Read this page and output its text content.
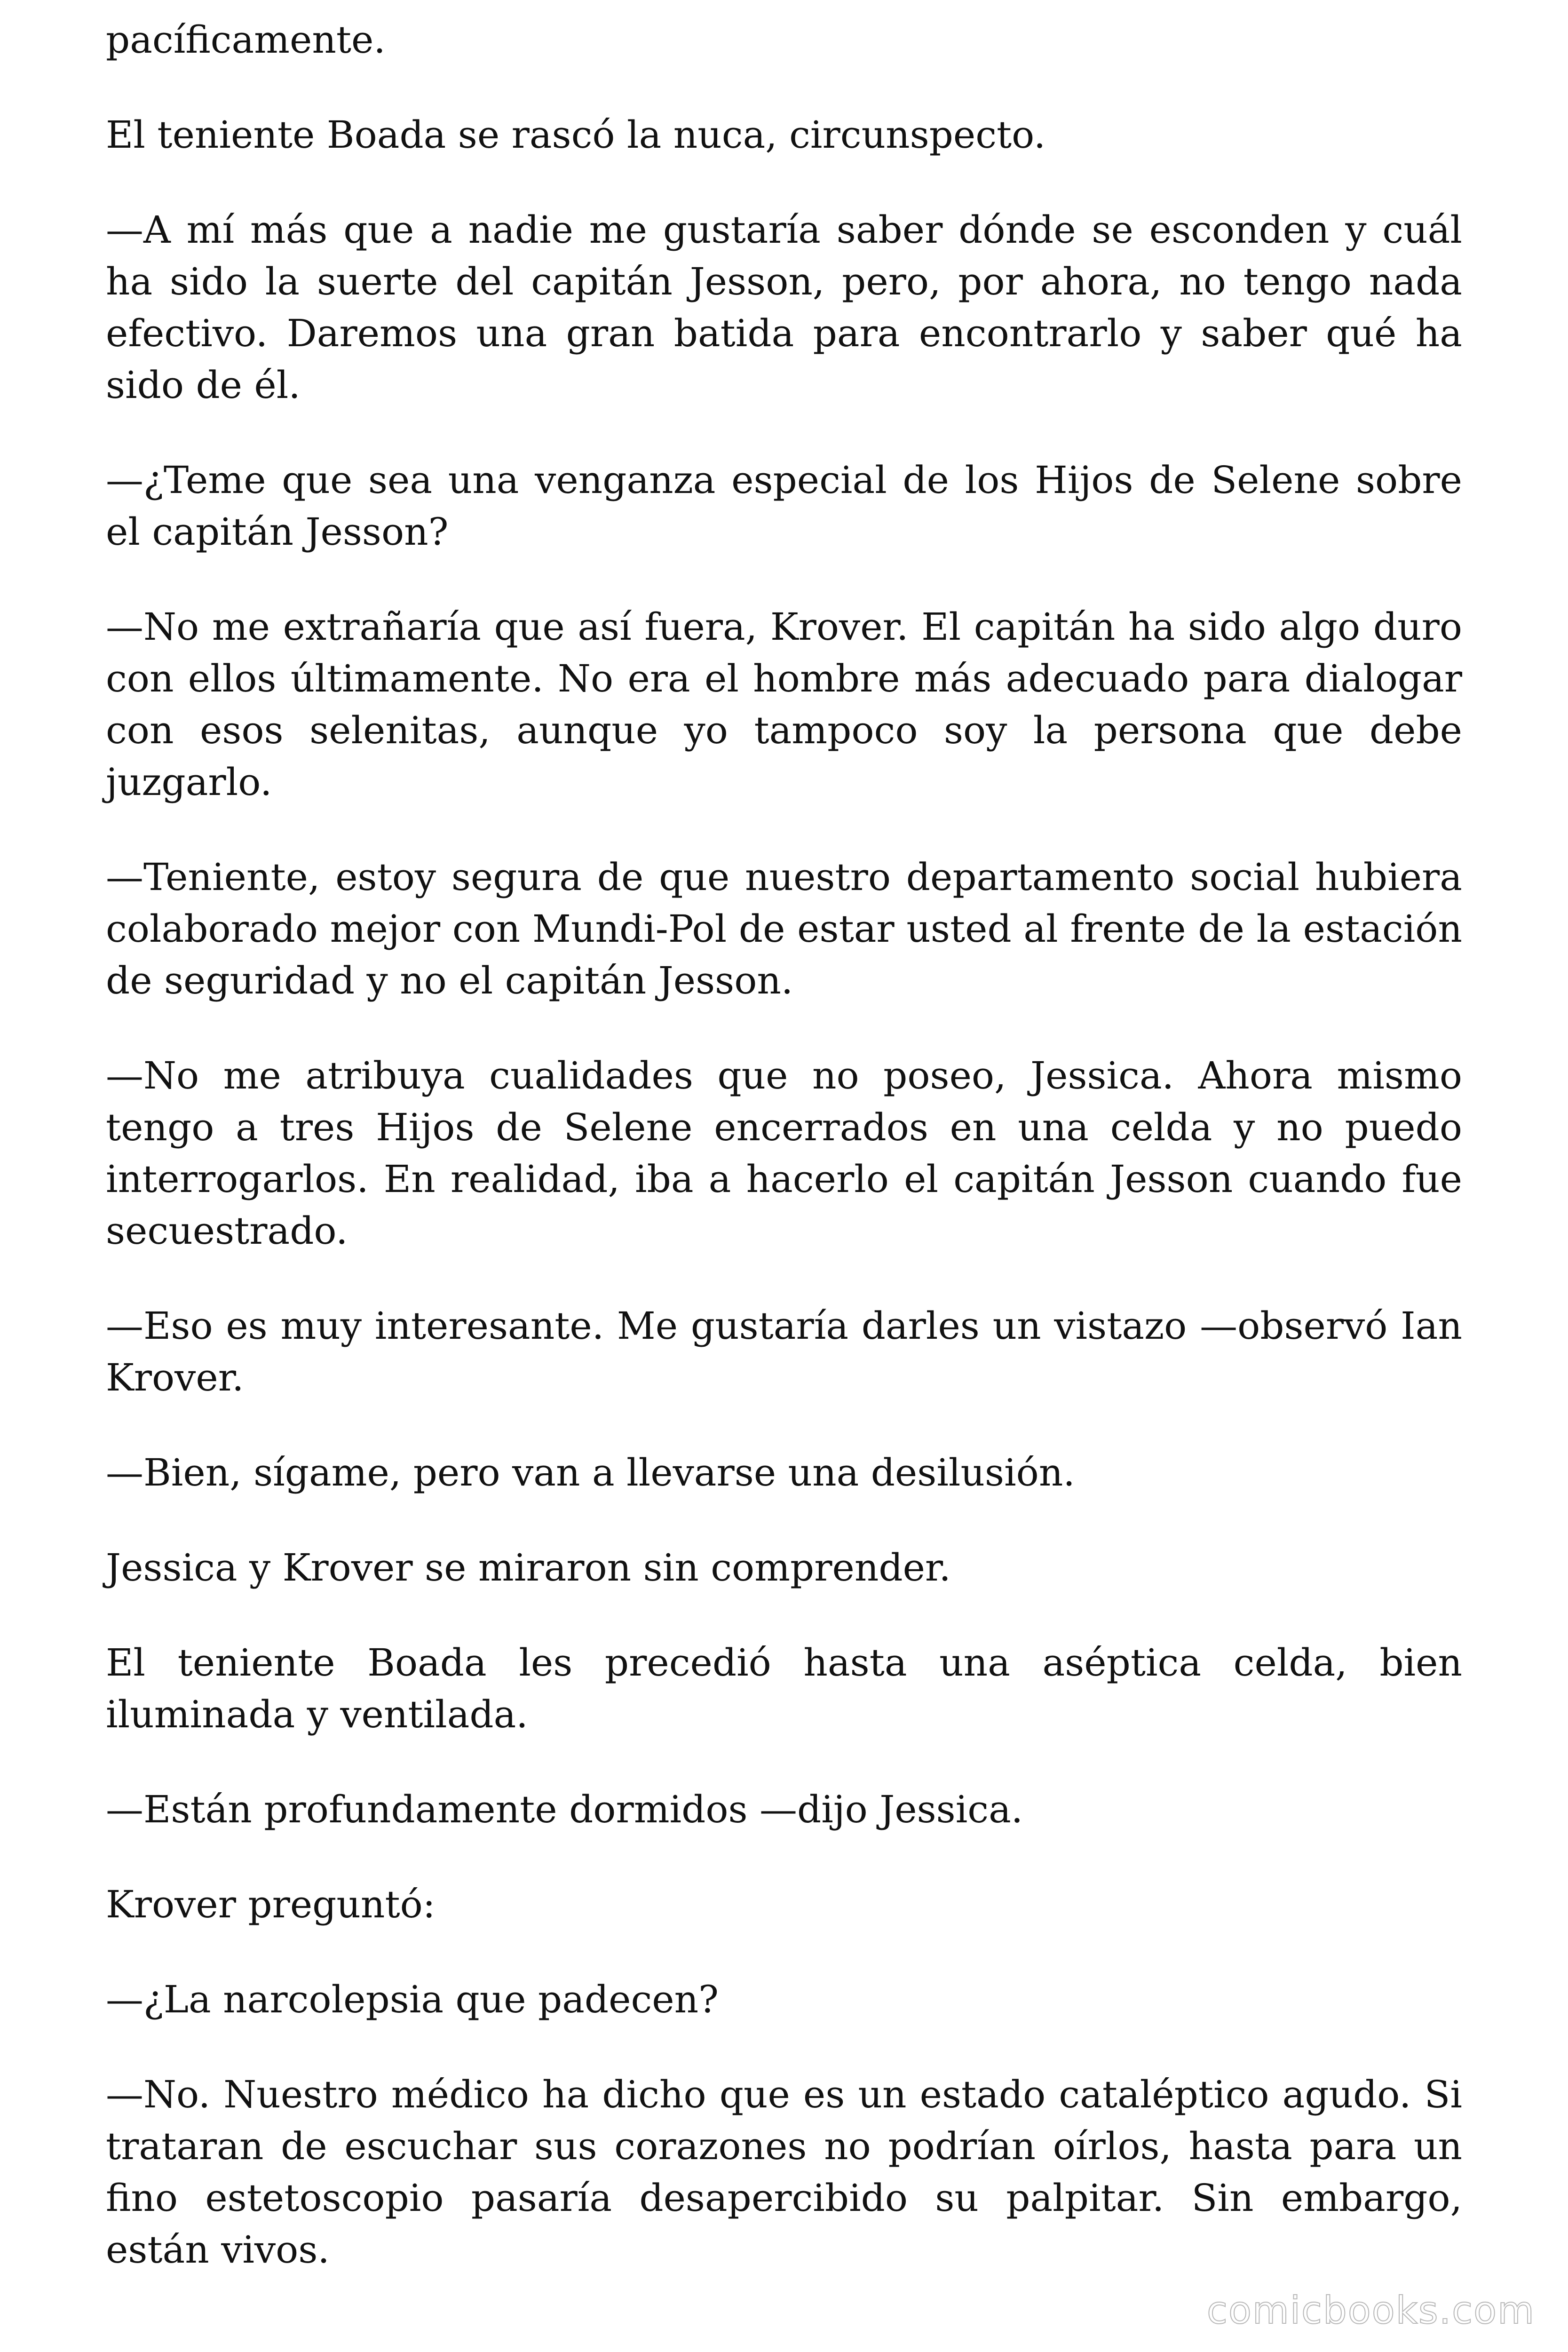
pacíficamente.

El teniente Boada se rascó la nuca, circunspecto.

—A mí más que a nadie me gustaría saber dónde se esconden y cuál ha sido la suerte del capitán Jesson, pero, por ahora, no tengo nada efectivo. Daremos una gran batida para encontrarlo y saber qué ha sido de él.

—¿Teme que sea una venganza especial de los Hijos de Selene sobre el capitán Jesson?

—No me extrañaría que así fuera, Krover. El capitán ha sido algo duro con ellos últimamente. No era el hombre más adecuado para dialogar con esos selenitas, aunque yo tampoco soy la persona que debe juzgarlo.

—Teniente, estoy segura de que nuestro departamento social hubiera colaborado mejor con Mundi-Pol de estar usted al frente de la estación de seguridad y no el capitán Jesson.

—No me atribuya cualidades que no poseo, Jessica. Ahora mismo tengo a tres Hijos de Selene encerrados en una celda y no puedo interrogarlos. En realidad, iba a hacerlo el capitán Jesson cuando fue secuestrado.

—Eso es muy interesante. Me gustaría darles un vistazo —observó Ian Krover.

—Bien, sígame, pero van a llevarse una desilusión.

Jessica y Krover se miraron sin comprender.

El teniente Boada les precedió hasta una aséptica celda, bien iluminada y ventilada.

—Están profundamente dormidos —dijo Jessica.

Krover preguntó:

—¿La narcolepsia que padecen?

—No. Nuestro médico ha dicho que es un estado cataléptico agudo. Si trataran de escuchar sus corazones no podrían oírlos, hasta para un fino estetoscopio pasaría desapercibido su palpitar. Sin embargo, están vivos.

comicbooks.com
